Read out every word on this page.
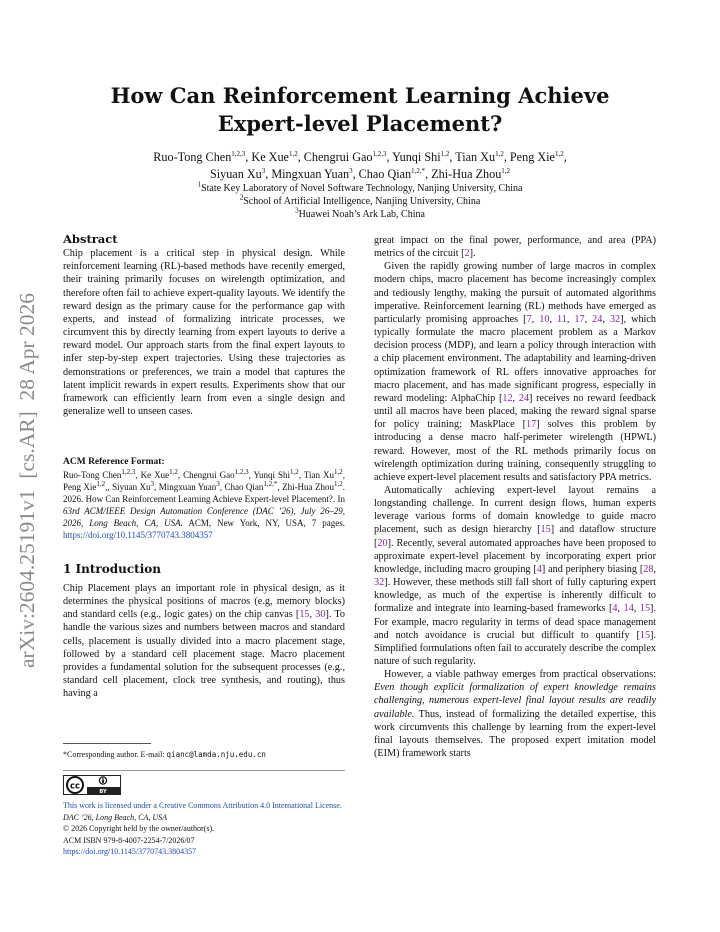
arXiv:2604.25191v1  [cs.AR]  28 Apr 2026
How Can Reinforcement Learning Achieve
Expert-level Placement?
Ruo-Tong Chen$^{1,2,3}$, Ke Xue$^{1,2}$, Chengrui Gao$^{1,2,3}$, Yunqi Shi$^{1,2}$, Tian Xu$^{1,2}$, Peng Xie$^{1,2}$,
Siyuan Xu$^3$, Mingxuan Yuan$^3$, Chao Qian$^{1,2,*}$, Zhi-Hua Zhou$^{1,2}$
$^1$State Key Laboratory of Novel Software Technology, Nanjing University, China
$^2$School of Artificial Intelligence, Nanjing University, China
$^3$Huawei Noah’s Ark Lab, China
Abstract

Chip placement is a critical step in physical design. While reinforcement learning (RL)-based methods have recently emerged, their training primarily focuses on wirelength optimization, and therefore often fail to achieve expert-quality layouts. We identify the reward design as the primary cause for the performance gap with experts, and instead of formalizing intricate processes, we circumvent this by directly learning from expert layouts to derive a reward model. Our approach starts from the final expert layouts to infer step-by-step expert trajectories. Using these trajectories as demonstrations or preferences, we train a model that captures the latent implicit rewards in expert results. Experiments show that our framework can efficiently learn from even a single design and generalize well to unseen cases.

ACM Reference Format:
Ruo-Tong Chen$^{1,2,3}$, Ke Xue$^{1,2}$, Chengrui Gao$^{1,2,3}$, Yunqi Shi$^{1,2}$, Tian Xu$^{1,2}$, Peng Xie$^{1,2}$,, Siyuan Xu$^3$, Mingxuan Yuan$^3$, Chao Qian$^{1,2,*}$, Zhi-Hua Zhou$^{1,2}$. 2026. How Can Reinforcement Learning Achieve Expert-level Placement?. In 63rd ACM/IEEE Design Automation Conference (DAC ’26), July 26–29, 2026, Long Beach, CA, USA. ACM, New York, NY, USA, 7 pages. https://doi.org/10.1145/3770743.3804357
1 Introduction

Chip Placement plays an important role in physical design, as it determines the physical positions of macros (e.g, memory blocks) and standard cells (e.g., logic gates) on the chip canvas [15, 30]. To handle the various sizes and numbers between macros and standard cells, placement is usually divided into a macro placement stage, followed by a standard cell placement stage. Macro placement provides a fundamental solution for the subsequent processes (e.g., standard cell placement, clock tree synthesis, and routing), thus having a

*Corresponding author. E-mail: qianc@lamda.nju.edu.cn
cc
BY
This work is licensed under a Creative Commons Attribution 4.0 International License.
DAC ’26, Long Beach, CA, USA
© 2026 Copyright held by the owner/author(s).
ACM ISBN 979-8-4007-2254-7/2026/07
https://doi.org/10.1145/3770743.3804357

great impact on the final power, performance, and area (PPA) metrics of the circuit [2].

Given the rapidly growing number of large macros in complex modern chips, macro placement has become increasingly complex and tediously lengthy, making the pursuit of automated algorithms imperative. Reinforcement learning (RL) methods have emerged as particularly promising approaches [7, 10, 11, 17, 24, 32], which typically formulate the macro placement problem as a Markov decision process (MDP), and learn a policy through interaction with a chip placement environment. The adaptability and learning-driven optimization framework of RL offers innovative approaches for macro placement, and has made significant progress, especially in reward modeling: AlphaChip [12, 24] receives no reward feedback until all macros have been placed, making the reward signal sparse for policy training; MaskPlace [17] solves this problem by introducing a dense macro half-perimeter wirelength (HPWL) reward. However, most of the RL methods primarily focus on wirelength optimization during training, consequently struggling to achieve expert-level placement results and satisfactory PPA metrics.

Automatically achieving expert-level layout remains a longstanding challenge. In current design flows, human experts leverage various forms of domain knowledge to guide macro placement, such as design hierarchy [15] and dataflow structure [20]. Recently, several automated approaches have been proposed to approximate expert-level placement by incorporating expert prior knowledge, including macro grouping [4] and periphery biasing [28, 32]. However, these methods still fall short of fully capturing expert knowledge, as much of the expertise is inherently difficult to formalize and integrate into learning-based frameworks [4, 14, 15]. For example, macro regularity in terms of dead space management and notch avoidance is crucial but difficult to quantify [15]. Simplified formulations often fail to accurately describe the complex nature of such regularity.

However, a viable pathway emerges from practical observations: Even though explicit formalization of expert knowledge remains challenging, numerous expert-level final layout results are readily available. Thus, instead of formalizing the detailed expertise, this work circumvents this challenge by learning from the expert-level final layouts themselves. The proposed expert imitation model (EIM) framework starts
